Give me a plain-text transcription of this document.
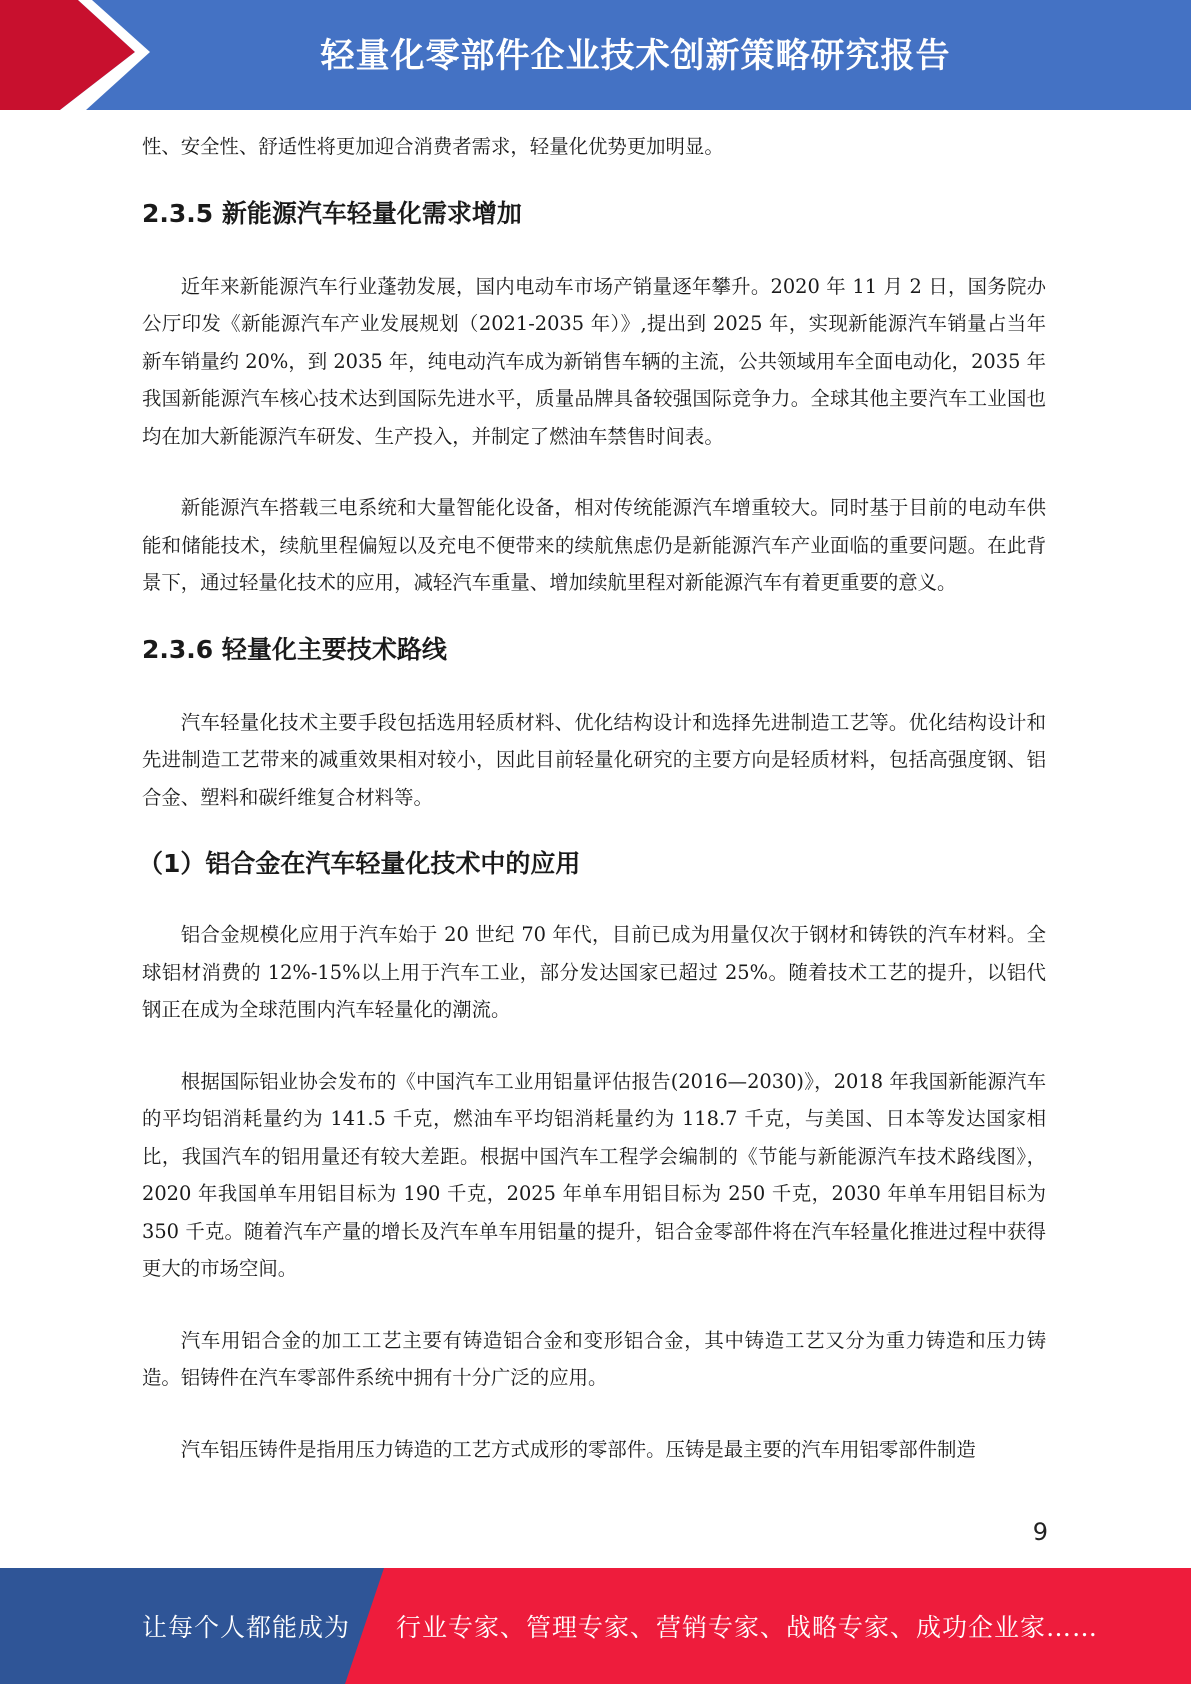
轻量化零部件企业技术创新策略研究报告

性、安全性、舒适性将更加迎合消费者需求，轻量化优势更加明显。

2.3.5 新能源汽车轻量化需求增加

近年来新能源汽车行业蓬勃发展，国内电动车市场产销量逐年攀升。2020 年 11 月 2 日，国务院办公厅印发《新能源汽车产业发展规划（2021-2035 年）》,提出到 2025 年，实现新能源汽车销量占当年新车销量约 20%，到 2035 年，纯电动汽车成为新销售车辆的主流，公共领域用车全面电动化，2035 年我国新能源汽车核心技术达到国际先进水平，质量品牌具备较强国际竞争力。全球其他主要汽车工业国也均在加大新能源汽车研发、生产投入，并制定了燃油车禁售时间表。

新能源汽车搭载三电系统和大量智能化设备，相对传统能源汽车增重较大。同时基于目前的电动车供能和储能技术，续航里程偏短以及充电不便带来的续航焦虑仍是新能源汽车产业面临的重要问题。在此背景下，通过轻量化技术的应用，减轻汽车重量、增加续航里程对新能源汽车有着更重要的意义。

2.3.6 轻量化主要技术路线

汽车轻量化技术主要手段包括选用轻质材料、优化结构设计和选择先进制造工艺等。优化结构设计和先进制造工艺带来的减重效果相对较小，因此目前轻量化研究的主要方向是轻质材料，包括高强度钢、铝合金、塑料和碳纤维复合材料等。

（1）铝合金在汽车轻量化技术中的应用

铝合金规模化应用于汽车始于 20 世纪 70 年代，目前已成为用量仅次于钢材和铸铁的汽车材料。全球铝材消费的 12%-15%以上用于汽车工业，部分发达国家已超过 25%。随着技术工艺的提升，以铝代钢正在成为全球范围内汽车轻量化的潮流。

根据国际铝业协会发布的《中国汽车工业用铝量评估报告(2016—2030)》，2018 年我国新能源汽车的平均铝消耗量约为 141.5 千克，燃油车平均铝消耗量约为 118.7 千克，与美国、日本等发达国家相比，我国汽车的铝用量还有较大差距。根据中国汽车工程学会编制的《节能与新能源汽车技术路线图》，2020 年我国单车用铝目标为 190 千克，2025 年单车用铝目标为 250 千克，2030 年单车用铝目标为 350 千克。随着汽车产量的增长及汽车单车用铝量的提升，铝合金零部件将在汽车轻量化推进过程中获得更大的市场空间。

汽车用铝合金的加工工艺主要有铸造铝合金和变形铝合金，其中铸造工艺又分为重力铸造和压力铸造。铝铸件在汽车零部件系统中拥有十分广泛的应用。

汽车铝压铸件是指用压力铸造的工艺方式成形的零部件。压铸是最主要的汽车用铝零部件制造

9
让每个人都能成为 行业专家、管理专家、营销专家、战略专家、成功企业家……
